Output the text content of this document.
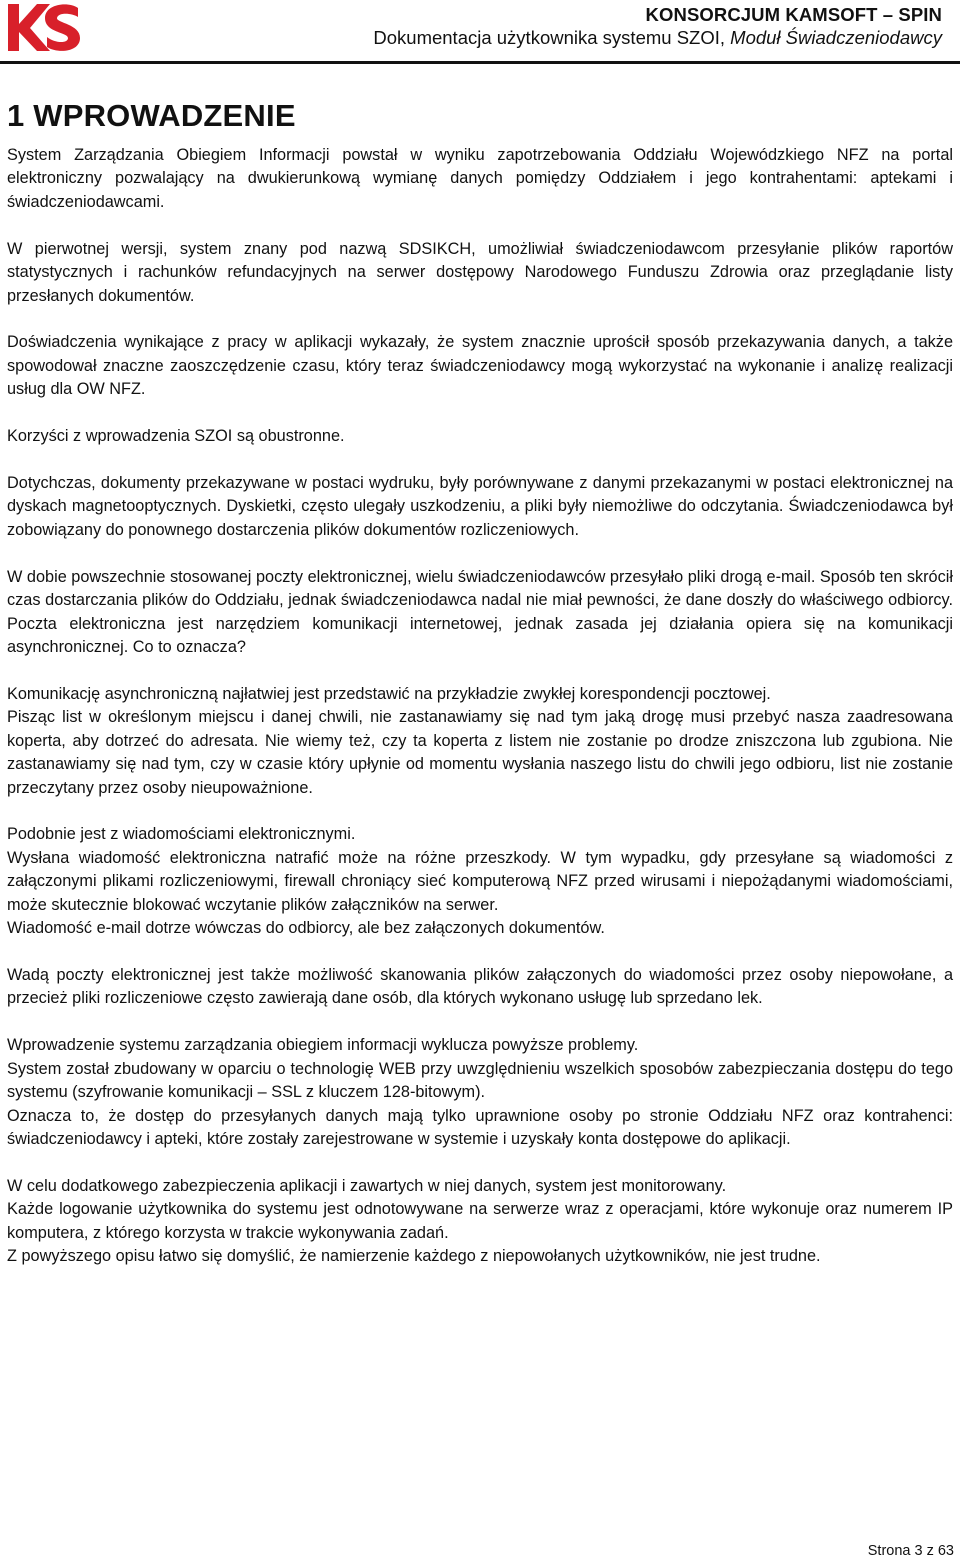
KONSORCJUM KAMSOFT – SPIN
Dokumentacja użytkownika systemu SZOI, Moduł Świadczeniodawcy
1 WPROWADZENIE

System Zarządzania Obiegiem Informacji powstał w wyniku zapotrzebowania Oddziału Wojewódzkiego NFZ na portal elektroniczny pozwalający na dwukierunkową wymianę danych pomiędzy Oddziałem i jego kontrahentami: aptekami i świadczeniodawcami.

W pierwotnej wersji, system znany pod nazwą SDSIKCH, umożliwiał świadczeniodawcom przesyłanie plików raportów statystycznych i rachunków refundacyjnych na serwer dostępowy Narodowego Funduszu Zdrowia oraz przeglądanie listy przesłanych dokumentów.

Doświadczenia wynikające z pracy w aplikacji wykazały, że system znacznie uprościł sposób przekazywania danych, a także spowodował znaczne zaoszczędzenie czasu, który teraz świadczeniodawcy mogą wykorzystać na wykonanie i analizę realizacji usług dla OW NFZ.

Korzyści z wprowadzenia SZOI są obustronne.

Dotychczas, dokumenty przekazywane w postaci wydruku, były porównywane z danymi przekazanymi w postaci elektronicznej na dyskach magnetooptycznych. Dyskietki, często ulegały uszkodzeniu, a pliki były niemożliwe do odczytania. Świadczeniodawca był zobowiązany do ponownego dostarczenia plików dokumentów rozliczeniowych.

W dobie powszechnie stosowanej poczty elektronicznej, wielu świadczeniodawców przesyłało pliki drogą e-mail. Sposób ten skrócił czas dostarczania plików do Oddziału, jednak świadczeniodawca nadal nie miał pewności, że dane doszły do właściwego odbiorcy. Poczta elektroniczna jest narzędziem komunikacji internetowej, jednak zasada jej działania opiera się na komunikacji asynchronicznej. Co to oznacza?

Komunikację asynchroniczną najłatwiej jest przedstawić na przykładzie zwykłej korespondencji pocztowej.

Pisząc list w określonym miejscu i danej chwili, nie zastanawiamy się nad tym jaką drogę musi przebyć nasza zaadresowana koperta, aby dotrzeć do adresata. Nie wiemy też, czy ta koperta z listem nie zostanie po drodze zniszczona lub zgubiona. Nie zastanawiamy się nad tym, czy w czasie który upłynie od momentu wysłania naszego listu do chwili jego odbioru, list nie zostanie przeczytany przez osoby nieupoważnione.

Podobnie jest z wiadomościami elektronicznymi.

Wysłana wiadomość elektroniczna natrafić może na różne przeszkody. W tym wypadku, gdy przesyłane są wiadomości z załączonymi plikami rozliczeniowymi, firewall chroniący sieć komputerową NFZ przed wirusami i niepożądanymi wiadomościami, może skutecznie blokować wczytanie plików załączników na serwer.

Wiadomość e-mail dotrze wówczas do odbiorcy, ale bez załączonych dokumentów.

Wadą poczty elektronicznej jest także możliwość skanowania plików załączonych do wiadomości przez osoby niepowołane, a przecież pliki rozliczeniowe często zawierają dane osób, dla których wykonano usługę lub sprzedano lek.

Wprowadzenie systemu zarządzania obiegiem informacji wyklucza powyższe problemy.

System został zbudowany w oparciu o technologię WEB przy uwzględnieniu wszelkich sposobów zabezpieczania dostępu do tego systemu (szyfrowanie komunikacji – SSL z kluczem 128-bitowym).

Oznacza to, że dostęp do przesyłanych danych mają tylko uprawnione osoby po stronie Oddziału NFZ oraz kontrahenci: świadczeniodawcy i apteki, które zostały zarejestrowane w systemie i uzyskały konta dostępowe do aplikacji.

W celu dodatkowego zabezpieczenia aplikacji i zawartych w niej danych, system jest monitorowany.

Każde logowanie użytkownika do systemu jest odnotowywane na serwerze wraz z operacjami, które wykonuje oraz numerem IP komputera, z którego korzysta w trakcie wykonywania zadań.

Z powyższego opisu łatwo się domyślić, że namierzenie każdego z niepowołanych użytkowników, nie jest trudne.

Strona 3 z 63
